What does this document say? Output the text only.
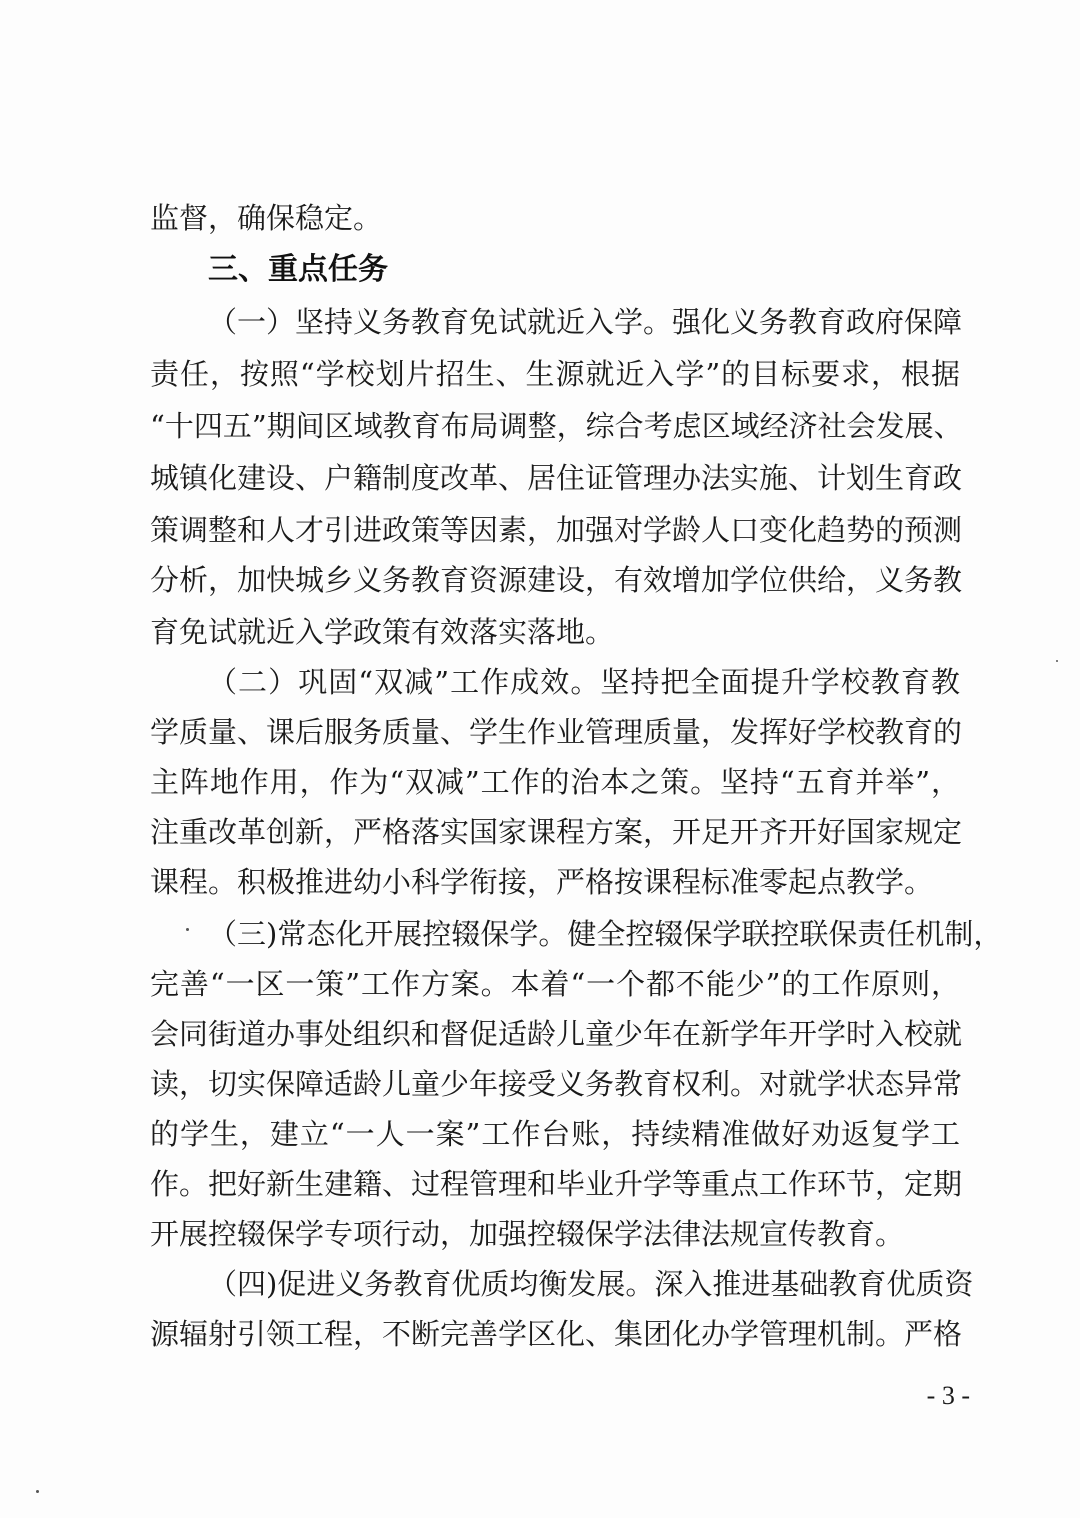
监督，确保稳定。
三、重点任务
（一）坚持义务教育免试就近入学。强化义务教育政府保障
责任，按照“学校划片招生、生源就近入学”的目标要求，根据
“十四五”期间区域教育布局调整，综合考虑区域经济社会发展、
城镇化建设、户籍制度改革、居住证管理办法实施、计划生育政
策调整和人才引进政策等因素，加强对学龄人口变化趋势的预测
分析，加快城乡义务教育资源建设，有效增加学位供给，义务教
育免试就近入学政策有效落实落地。
（二）巩固“双减”工作成效。坚持把全面提升学校教育教
学质量、课后服务质量、学生作业管理质量，发挥好学校教育的
主阵地作用，作为“双减”工作的治本之策。坚持“五育并举”，
注重改革创新，严格落实国家课程方案，开足开齐开好国家规定
课程。积极推进幼小科学衔接，严格按课程标准零起点教学。
（三)常态化开展控辍保学。健全控辍保学联控联保责任机制，
完善“一区一策”工作方案。本着“一个都不能少”的工作原则，
会同街道办事处组织和督促适龄儿童少年在新学年开学时入校就
读，切实保障适龄儿童少年接受义务教育权利。对就学状态异常
的学生，建立“一人一案”工作台账，持续精准做好劝返复学工
作。把好新生建籍、过程管理和毕业升学等重点工作环节，定期
开展控辍保学专项行动，加强控辍保学法律法规宣传教育。
（四)促进义务教育优质均衡发展。深入推进基础教育优质资
源辐射引领工程，不断完善学区化、集团化办学管理机制。严格
- 3 -
